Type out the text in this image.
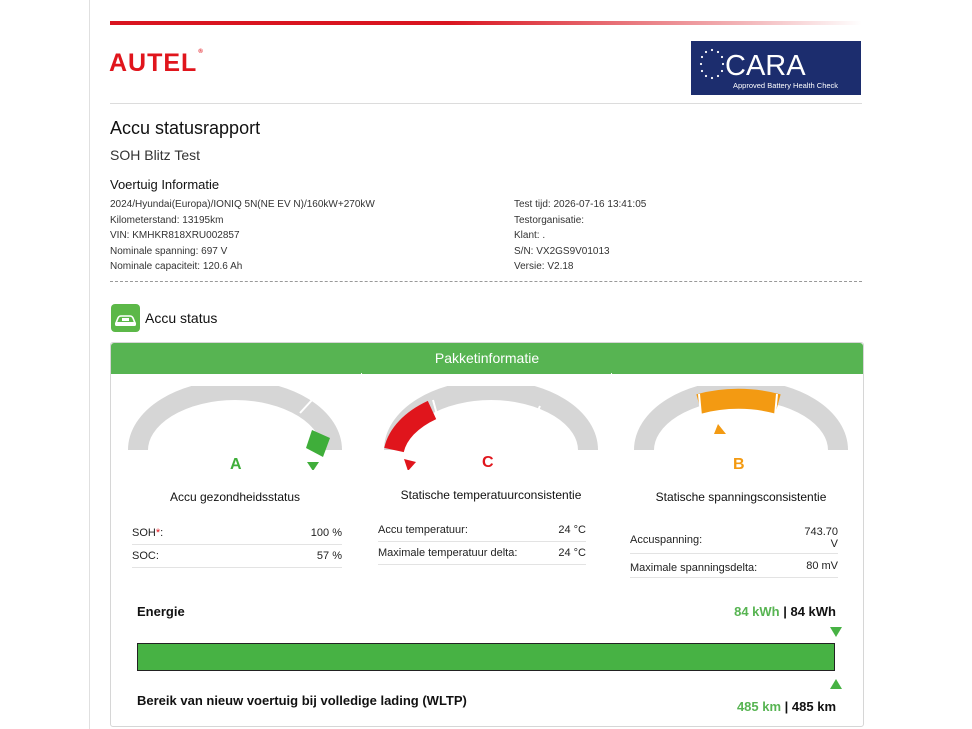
AUTEL®	CARA
Approved Battery Health Check
Accu statusrapport
SOH Blitz Test
Voertuig Informatie
2024/Hyundai(Europa)/IONIQ 5N(NE EV N)/160kW+270kW
Kilometerstand: 13195km
VIN: KMHKR818XRU002857
Nominale spanning: 697 V
Nominale capaciteit: 120.6 Ah
Test tijd: 2026-07-16 13:41:05
Testorganisatie:
Klant: .
S/N: VX2GS9V01013
Versie: V2.18
Accu status
Pakketinformatie
A
Accu gezondheidsstatus
SOH*:	100 %
SOC:	57 %
C
Statische temperatuurconsistentie
Accu temperatuur:	24 °C
Maximale temperatuur delta:	24 °C
B
Statische spanningsconsistentie
Accuspanning:
743.70
V
Maximale spanningsdelta:	80 mV
Energie	84 kWh | 84 kWh
Bereik van nieuw voertuig bij volledige lading (WLTP)	485 km | 485 km
